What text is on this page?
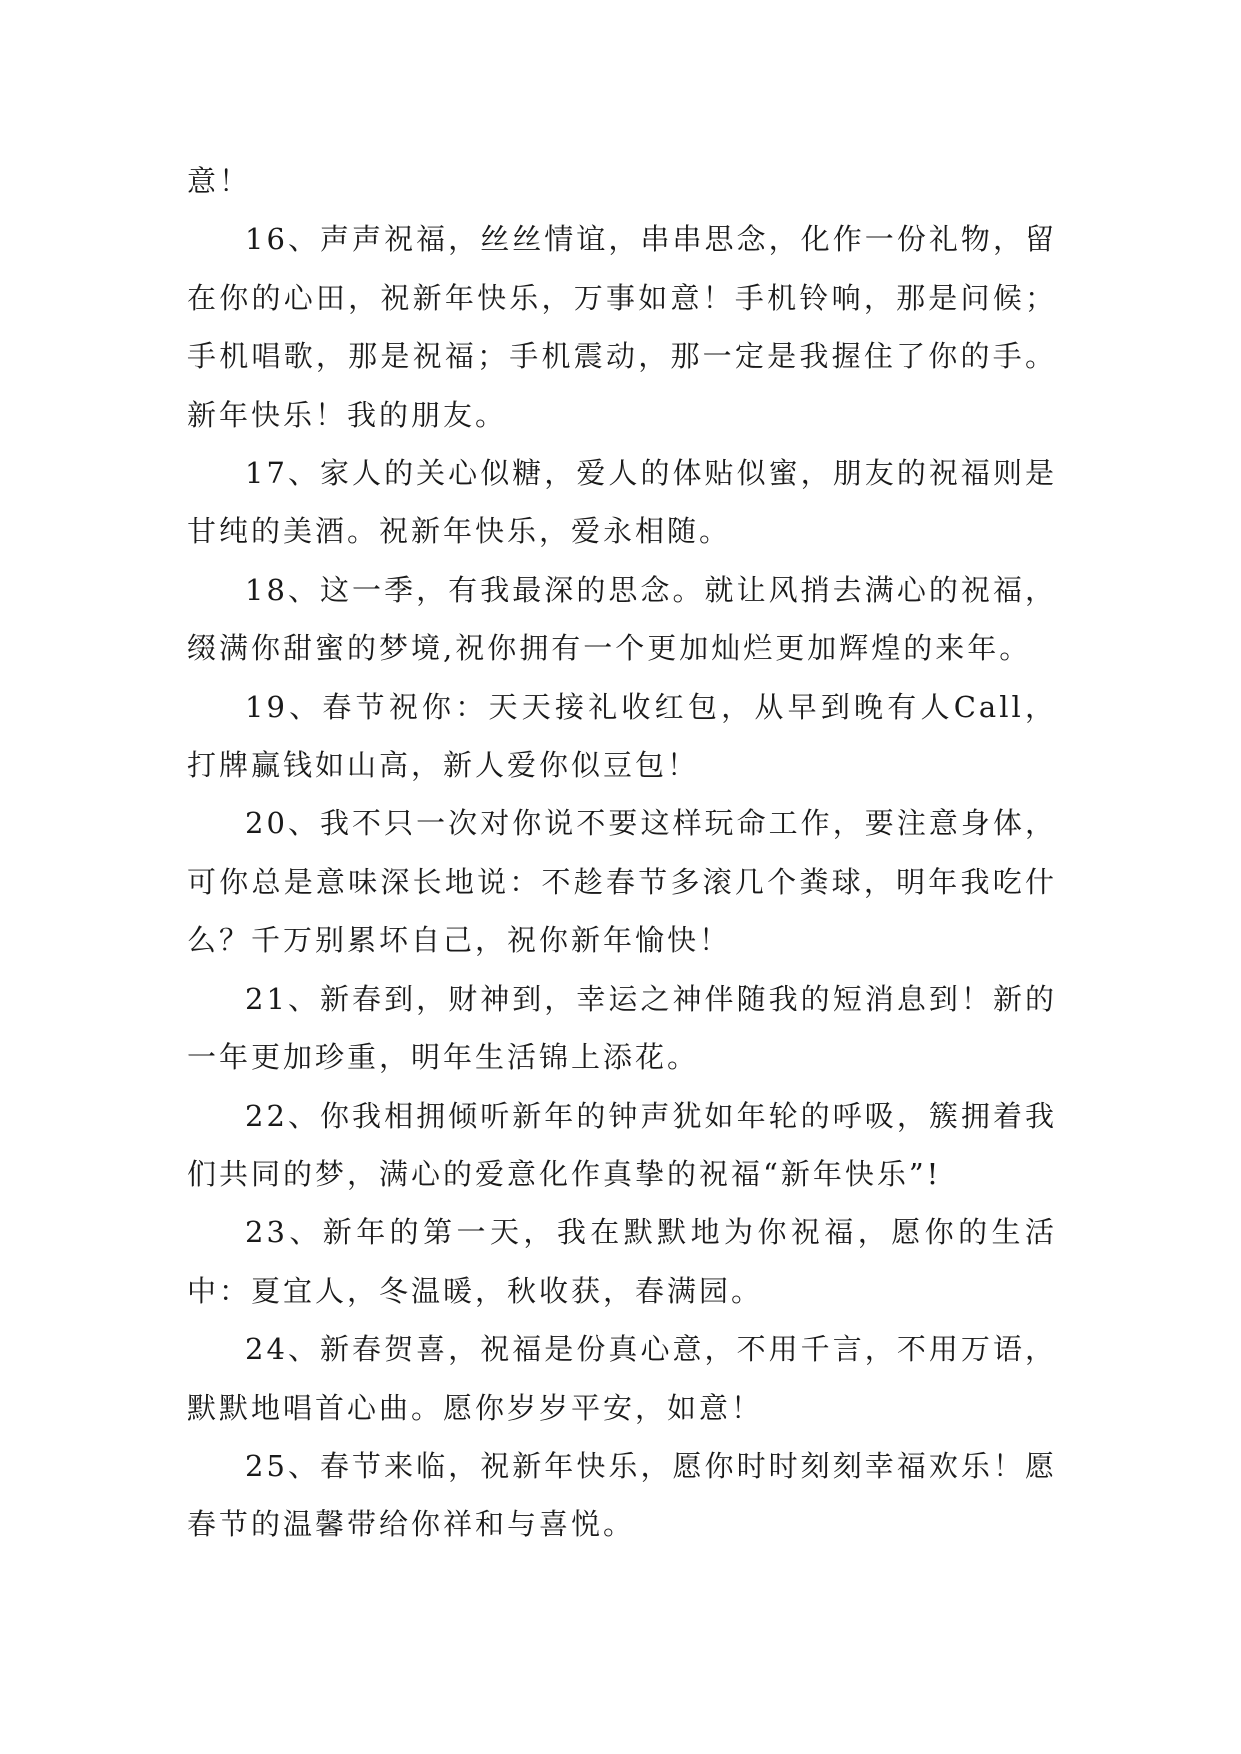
意！

16、声声祝福，丝丝情谊，串串思念，化作一份礼物，留在你的心田，祝新年快乐，万事如意！手机铃响，那是问候；手机唱歌，那是祝福；手机震动，那一定是我握住了你的手。新年快乐！我的朋友。

17、家人的关心似糖，爱人的体贴似蜜，朋友的祝福则是甘纯的美酒。祝新年快乐，爱永相随。

18、这一季，有我最深的思念。就让风捎去满心的祝福，缀满你甜蜜的梦境,祝你拥有一个更加灿烂更加辉煌的来年。

19、春节祝你：天天接礼收红包，从早到晚有人Call，打牌赢钱如山高，新人爱你似豆包！

20、我不只一次对你说不要这样玩命工作，要注意身体，可你总是意味深长地说：不趁春节多滚几个粪球，明年我吃什么？千万别累坏自己，祝你新年愉快！

21、新春到，财神到，幸运之神伴随我的短消息到！新的一年更加珍重，明年生活锦上添花。

22、你我相拥倾听新年的钟声犹如年轮的呼吸，簇拥着我们共同的梦，满心的爱意化作真挚的祝福“新年快乐”!

23、新年的第一天，我在默默地为你祝福，愿你的生活中：夏宜人，冬温暖，秋收获，春满园。

24、新春贺喜，祝福是份真心意，不用千言，不用万语，默默地唱首心曲。愿你岁岁平安，如意！

25、春节来临，祝新年快乐，愿你时时刻刻幸福欢乐！愿春节的温馨带给你祥和与喜悦。
